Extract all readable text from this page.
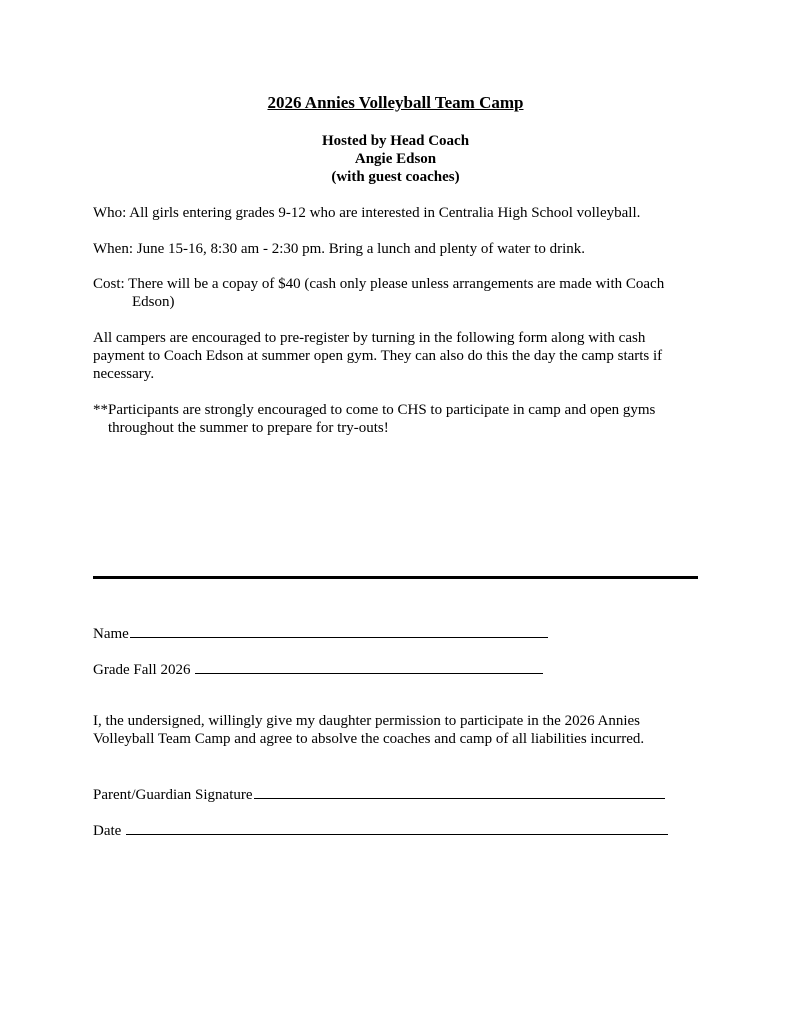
2026 Annies Volleyball Team Camp
Hosted by Head Coach
Angie Edson
(with guest coaches)
Who: All girls entering grades 9-12 who are interested in Centralia High School volleyball.
When: June 15-16, 8:30 am - 2:30 pm. Bring a lunch and plenty of water to drink.
Cost: There will be a copay of $40 (cash only please unless arrangements are made with Coach
Edson)
All campers are encouraged to pre-register by turning in the following form along with cash
payment to Coach Edson at summer open gym. They can also do this the day the camp starts if
necessary.
**Participants are strongly encouraged to come to CHS to participate in camp and open gyms
throughout the summer to prepare for try-outs!
Name
Grade Fall 2026
I, the undersigned, willingly give my daughter permission to participate in the 2026 Annies
Volleyball Team Camp and agree to absolve the coaches and camp of all liabilities incurred.
Parent/Guardian Signature
Date
